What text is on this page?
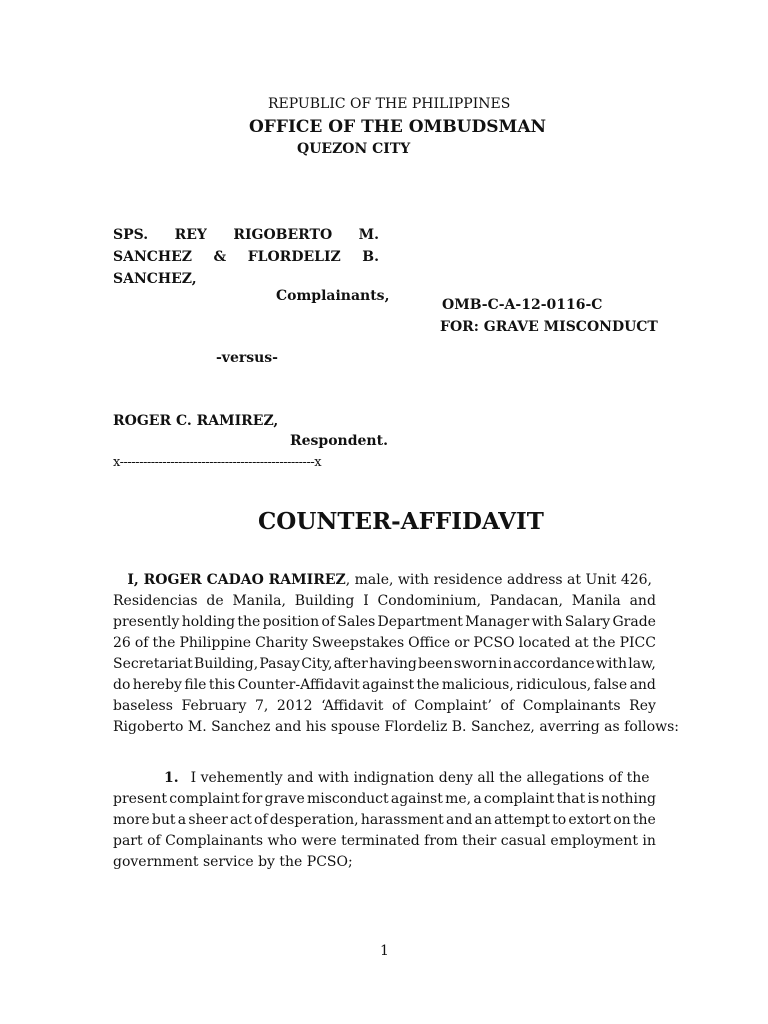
REPUBLIC OF THE PHILIPPINES
OFFICE OF THE OMBUDSMAN
QUEZON CITY
SPS. REY RIGOBERTO M.
SANCHEZ & FLORDELIZ B.
SANCHEZ,
Complainants,
OMB-C-A-12-0116-C
FOR: GRAVE MISCONDUCT
-versus-
ROGER C. RAMIREZ,
Respondent.
x--------------------------------------------------x
COUNTER-AFFIDAVIT
I, ROGER CADAO RAMIREZ , male, with residence address at Unit 426,
Residencias de Manila, Building I Condominium, Pandacan, Manila and
presently holding the position of Sales Department Manager with Salary Grade
26 of the Philippine Charity Sweepstakes Office or PCSO located at the PICC
Secretariat Building, Pasay City, after having been sworn in accordance with law,
do hereby file this Counter-Affidavit against the malicious, ridiculous, false and
baseless February 7, 2012 ‘Affidavit of Complaint’ of Complainants Rey
Rigoberto M. Sanchez and his spouse Flordeliz B. Sanchez, averring as follows:
1. I vehemently and with indignation deny all the allegations of the
present complaint for grave misconduct against me, a complaint that is nothing
more but a sheer act of desperation, harassment and an attempt to extort on the
part of Complainants who were terminated from their casual employment in
government service by the PCSO;
1
